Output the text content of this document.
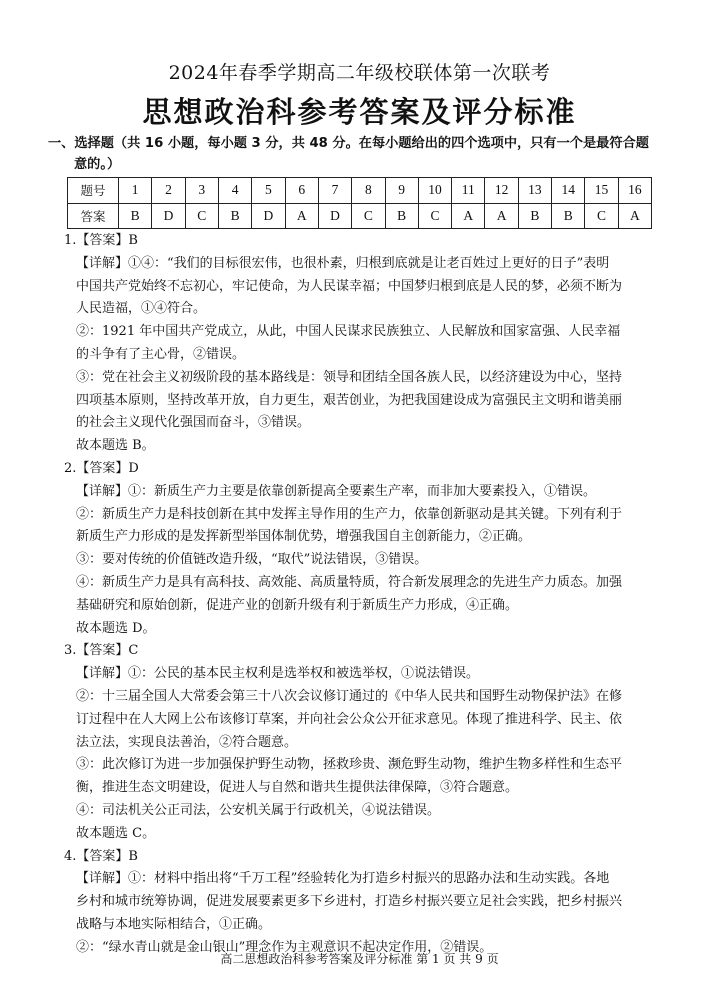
2024年春季学期高二年级校联体第一次联考
思想政治科参考答案及评分标准
一、选择题（共 16 小题，每小题 3 分，共 48 分。在每小题给出的四个选项中，只有一个是最符合题
意的。）
题号	1	2	3	4	5	6	7	8	9	10	11	12	13	14	15	16
答案	B	D	C	B	D	A	D	C	B	C	A	A	B	B	C	A
1.【答案】B
【详解】①④：“我们的目标很宏伟，也很朴素，归根到底就是让老百姓过上更好的日子”表明
中国共产党始终不忘初心，牢记使命，为人民谋幸福；中国梦归根到底是人民的梦，必须不断为
人民造福，①④符合。
②：1921 年中国共产党成立，从此，中国人民谋求民族独立、人民解放和国家富强、人民幸福
的斗争有了主心骨，②错误。
③：党在社会主义初级阶段的基本路线是：领导和团结全国各族人民，以经济建设为中心，坚持
四项基本原则，坚持改革开放，自力更生，艰苦创业，为把我国建设成为富强民主文明和谐美丽
的社会主义现代化强国而奋斗，③错误。
故本题选 B。
2.【答案】D
【详解】①：新质生产力主要是依靠创新提高全要素生产率，而非加大要素投入，①错误。
②：新质生产力是科技创新在其中发挥主导作用的生产力，依靠创新驱动是其关键。下列有利于
新质生产力形成的是发挥新型举国体制优势，增强我国自主创新能力，②正确。
③：要对传统的价值链改造升级，“取代”说法错误，③错误。
④：新质生产力是具有高科技、高效能、高质量特质，符合新发展理念的先进生产力质态。加强
基础研究和原始创新，促进产业的创新升级有利于新质生产力形成，④正确。
故本题选 D。
3.【答案】C
【详解】①：公民的基本民主权利是选举权和被选举权，①说法错误。
②：十三届全国人大常委会第三十八次会议修订通过的《中华人民共和国野生动物保护法》在修
订过程中在人大网上公布该修订草案，并向社会公众公开征求意见。体现了推进科学、民主、依
法立法，实现良法善治，②符合题意。
③：此次修订为进一步加强保护野生动物，拯救珍贵、濒危野生动物，维护生物多样性和生态平
衡，推进生态文明建设，促进人与自然和谐共生提供法律保障，③符合题意。
④：司法机关公正司法，公安机关属于行政机关，④说法错误。
故本题选 C。
4.【答案】B
【详解】①：材料中指出将“千万工程”经验转化为打造乡村振兴的思路办法和生动实践。各地
乡村和城市统筹协调，促进发展要素更多下乡进村，打造乡村振兴要立足社会实践，把乡村振兴
战略与本地实际相结合，①正确。
②：“绿水青山就是金山银山”理念作为主观意识不起决定作用，②错误。
高二思想政治科参考答案及评分标准 第 1 页 共 9 页
